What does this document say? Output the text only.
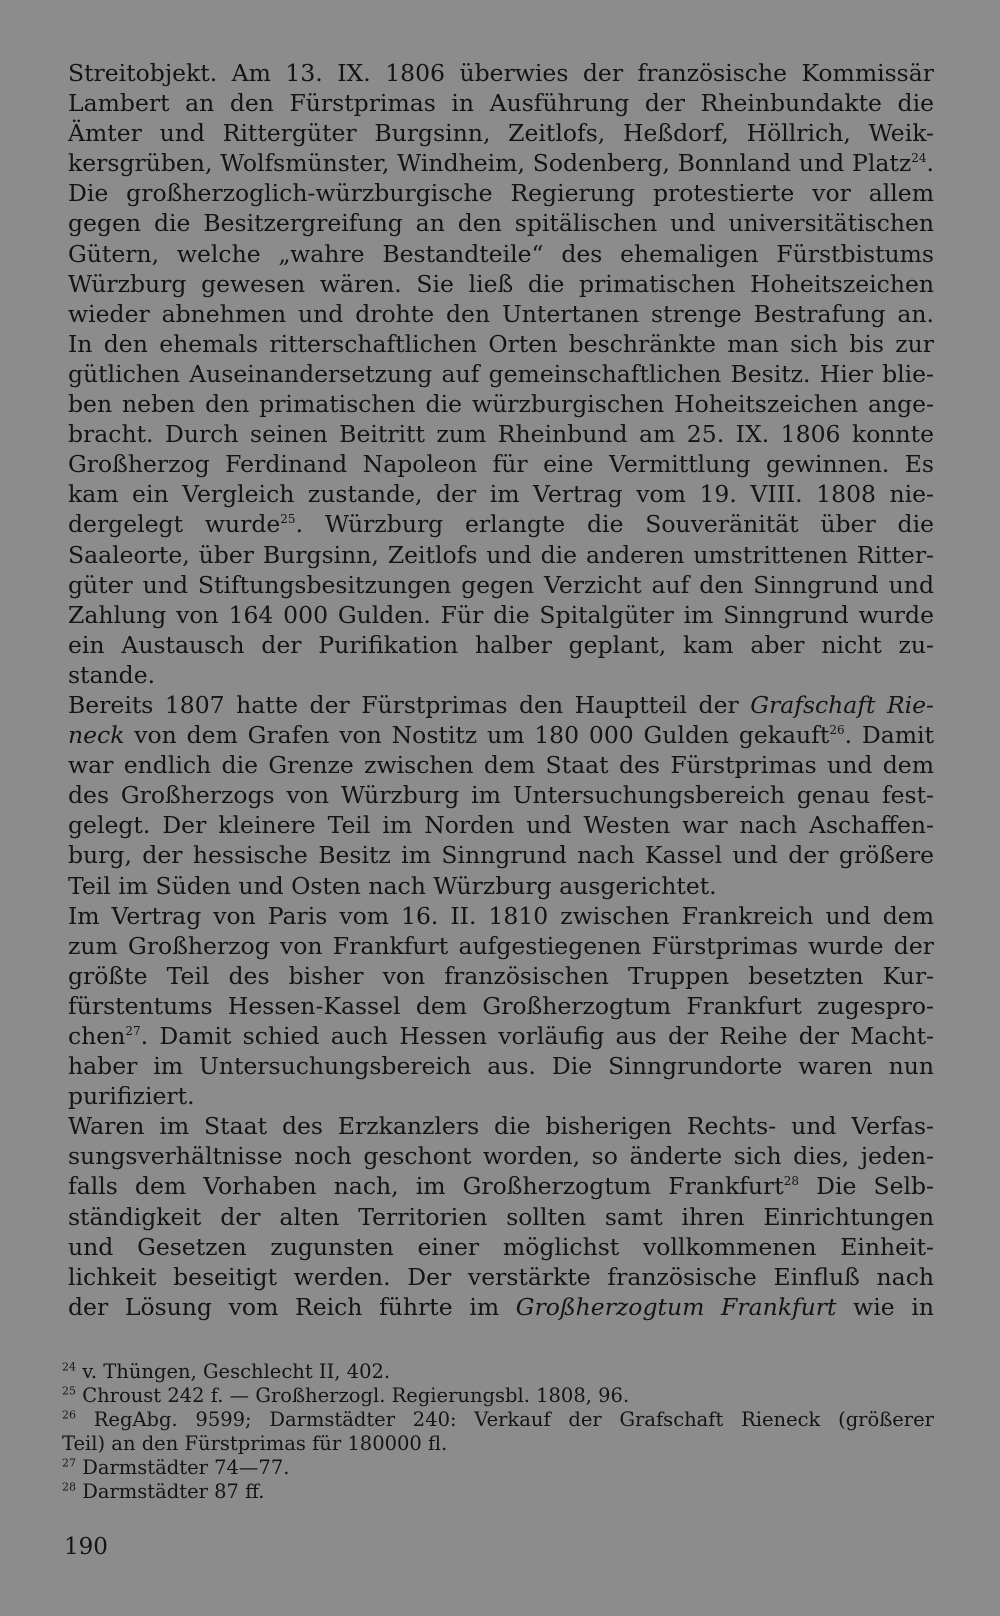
Streitobjekt. Am 13. IX. 1806 überwies der französische Kommissär
Lambert an den Fürstprimas in Ausführung der Rheinbundakte die
Ämter und Rittergüter Burgsinn, Zeitlofs, Heßdorf, Höllrich, Weik-
kersgrüben, Wolfsmünster, Windheim, Sodenberg, Bonnland und Platz$^{24}$.
Die großherzoglich-würzburgische Regierung protestierte vor allem
gegen die Besitzergreifung an den spitälischen und universitätischen
Gütern, welche „wahre Bestandteile“ des ehemaligen Fürstbistums
Würzburg gewesen wären. Sie ließ die primatischen Hoheitszeichen
wieder abnehmen und drohte den Untertanen strenge Bestrafung an.
In den ehemals ritterschaftlichen Orten beschränkte man sich bis zur
gütlichen Auseinandersetzung auf gemeinschaftlichen Besitz. Hier blie-
ben neben den primatischen die würzburgischen Hoheitszeichen ange-
bracht. Durch seinen Beitritt zum Rheinbund am 25. IX. 1806 konnte
Großherzog Ferdinand Napoleon für eine Vermittlung gewinnen. Es
kam ein Vergleich zustande, der im Vertrag vom 19. VIII. 1808 nie-
dergelegt wurde$^{25}$. Würzburg erlangte die Souveränität über die
Saaleorte, über Burgsinn, Zeitlofs und die anderen umstrittenen Ritter-
güter und Stiftungsbesitzungen gegen Verzicht auf den Sinngrund und
Zahlung von 164 000 Gulden. Für die Spitalgüter im Sinngrund wurde
ein Austausch der Purifikation halber geplant, kam aber nicht zu-
stande.
Bereits 1807 hatte der Fürstprimas den Hauptteil der Grafschaft Rie-
neck von dem Grafen von Nostitz um 180 000 Gulden gekauft$^{26}$. Damit
war endlich die Grenze zwischen dem Staat des Fürstprimas und dem
des Großherzogs von Würzburg im Untersuchungsbereich genau fest-
gelegt. Der kleinere Teil im Norden und Westen war nach Aschaffen-
burg, der hessische Besitz im Sinngrund nach Kassel und der größere
Teil im Süden und Osten nach Würzburg ausgerichtet.
Im Vertrag von Paris vom 16. II. 1810 zwischen Frankreich und dem
zum Großherzog von Frankfurt aufgestiegenen Fürstprimas wurde der
größte Teil des bisher von französischen Truppen besetzten Kur-
fürstentums Hessen-Kassel dem Großherzogtum Frankfurt zugespro-
chen$^{27}$. Damit schied auch Hessen vorläufig aus der Reihe der Macht-
haber im Untersuchungsbereich aus. Die Sinngrundorte waren nun
purifiziert.
Waren im Staat des Erzkanzlers die bisherigen Rechts- und Verfas-
sungsverhältnisse noch geschont worden, so änderte sich dies, jeden-
falls dem Vorhaben nach, im Großherzogtum Frankfurt$^{28}$ Die Selb-
ständigkeit der alten Territorien sollten samt ihren Einrichtungen
und Gesetzen zugunsten einer möglichst vollkommenen Einheit-
lichkeit beseitigt werden. Der verstärkte französische Einfluß nach
der Lösung vom Reich führte im Großherzogtum Frankfurt wie in
$^{24}$ v. Thüngen, Geschlecht II, 402.
$^{25}$ Chroust 242 f. — Großherzogl. Regierungsbl. 1808, 96.
$^{26}$ RegAbg. 9599; Darmstädter 240: Verkauf der Grafschaft Rieneck (größerer
Teil) an den Fürstprimas für 180000 fl.
$^{27}$ Darmstädter 74—77.
$^{28}$ Darmstädter 87 ff.
190
